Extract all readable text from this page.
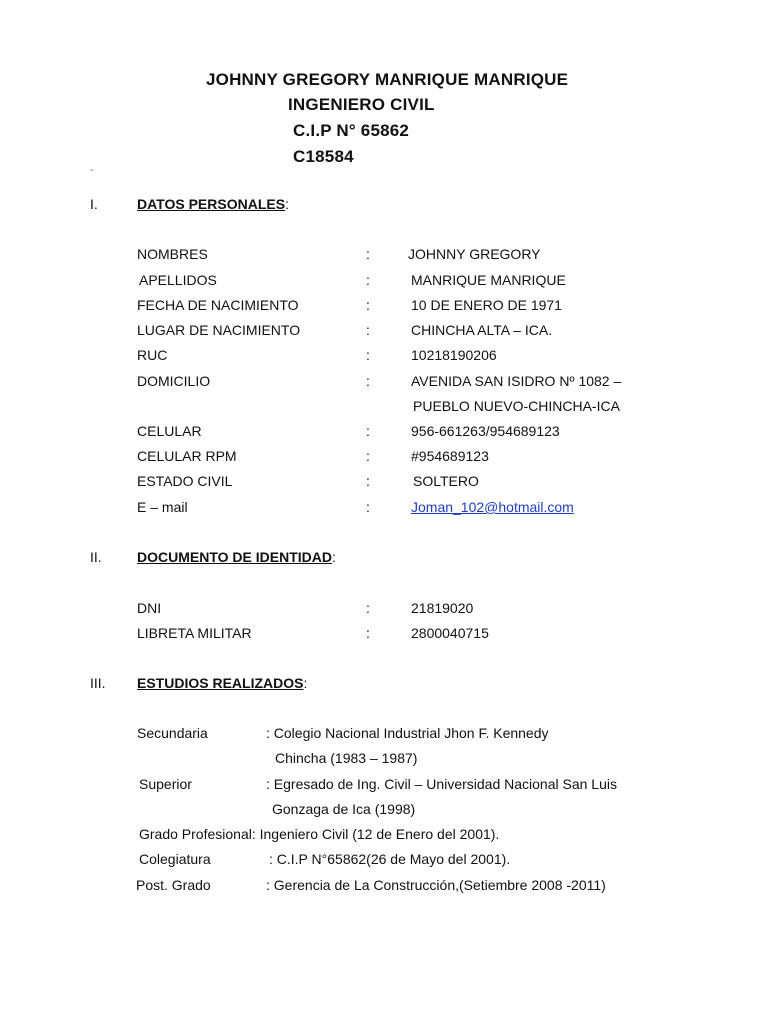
JOHNNY GREGORY MANRIQUE MANRIQUE
INGENIERO CIVIL
C.I.P N° 65862
C18584
-
I.	DATOS PERSONALES:
NOMBRES	:	JOHNNY GREGORY
APELLIDOS	:	MANRIQUE MANRIQUE
FECHA DE NACIMIENTO	:	10 DE ENERO DE 1971
LUGAR DE NACIMIENTO	:	CHINCHA ALTA – ICA.
RUC	:	10218190206
DOMICILIO	:	AVENIDA SAN ISIDRO Nº 1082 –
PUEBLO NUEVO-CHINCHA-ICA
CELULAR	:	956-661263/954689123
CELULAR RPM	:	#954689123
ESTADO CIVIL	:	SOLTERO
E – mail	:	Joman_102@hotmail.com
II.	DOCUMENTO DE IDENTIDAD:
DNI	:	21819020
LIBRETA MILITAR	:	2800040715
III. ESTUDIOS REALIZADOS:
Secundaria	: Colegio Nacional Industrial Jhon F. Kennedy
Chincha (1983 – 1987)
Superior	: Egresado de Ing. Civil – Universidad Nacional San Luis
Gonzaga de Ica (1998)
Grado Profesional: Ingeniero Civil (12 de Enero del 2001).
Colegiatura	: C.I.P N°65862(26 de Mayo del 2001).
Post. Grado	: Gerencia de La Construcción,(Setiembre 2008 -2011)
